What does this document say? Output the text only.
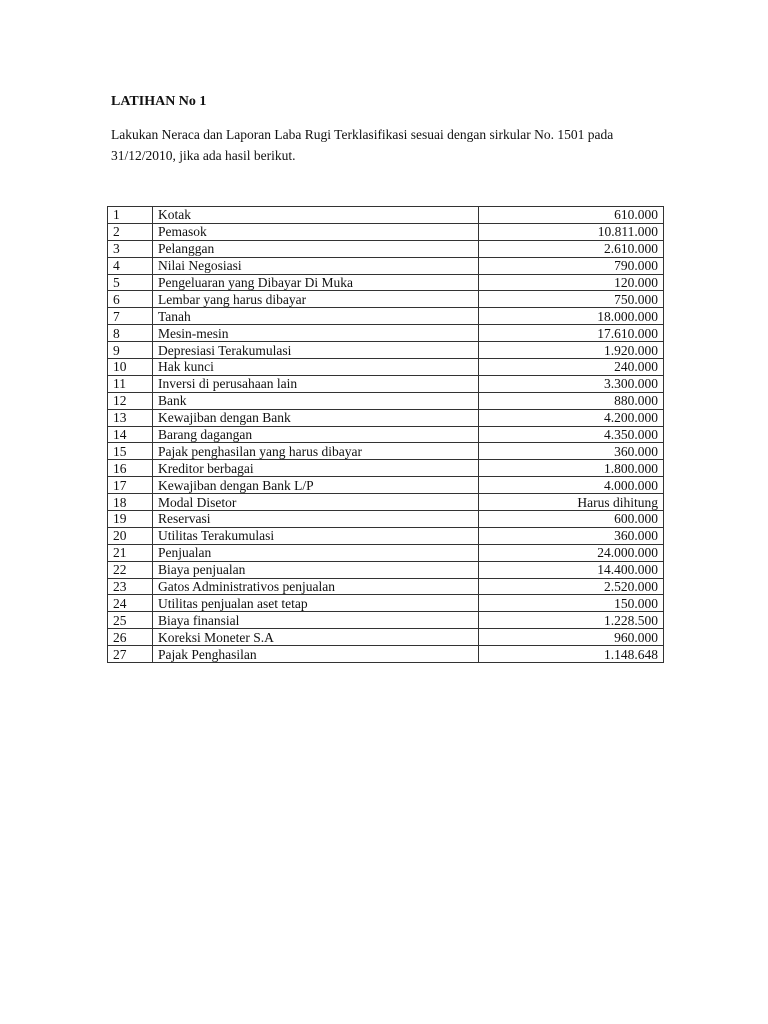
LATIHAN No 1

Lakukan Neraca dan Laporan Laba Rugi Terklasifikasi sesuai dengan sirkular No. 1501 pada 31/12/2010, jika ada hasil berikut.

1	Kotak	610.000
2	Pemasok	10.811.000
3	Pelanggan	2.610.000
4	Nilai Negosiasi	790.000
5	Pengeluaran yang Dibayar Di Muka	120.000
6	Lembar yang harus dibayar	750.000
7	Tanah	18.000.000
8	Mesin-mesin	17.610.000
9	Depresiasi Terakumulasi	1.920.000
10	Hak kunci	240.000
11	Inversi di perusahaan lain	3.300.000
12	Bank	880.000
13	Kewajiban dengan Bank	4.200.000
14	Barang dagangan	4.350.000
15	Pajak penghasilan yang harus dibayar	360.000
16	Kreditor berbagai	1.800.000
17	Kewajiban dengan Bank L/P	4.000.000
18	Modal Disetor	Harus dihitung
19	Reservasi	600.000
20	Utilitas Terakumulasi	360.000
21	Penjualan	24.000.000
22	Biaya penjualan	14.400.000
23	Gatos Administrativos penjualan	2.520.000
24	Utilitas penjualan aset tetap	150.000
25	Biaya finansial	1.228.500
26	Koreksi Moneter S.A	960.000
27	Pajak Penghasilan	1.148.648
